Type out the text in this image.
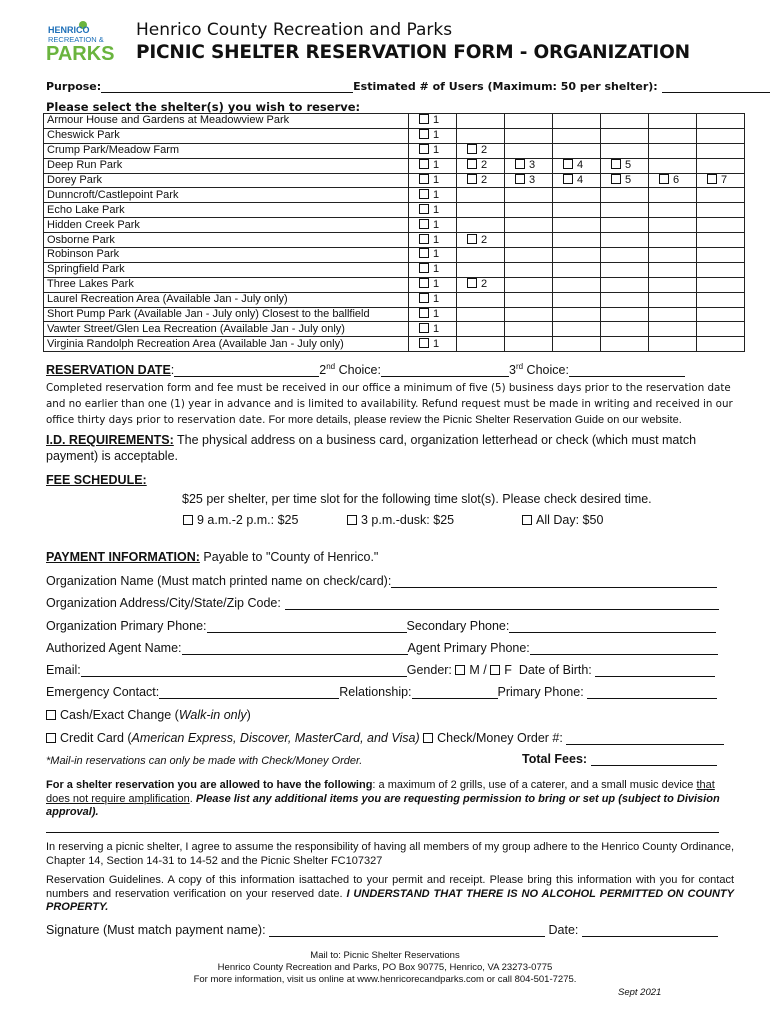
HENRICO
RECREATION &
PARKS
Henrico County Recreation and Parks
PICNIC SHELTER RESERVATION FORM - ORGANIZATION
Purpose:	Estimated # of Users (Maximum: 50 per shelter):
Please select the shelter(s) you wish to reserve:
Armour House and Gardens at Meadowview Park	1						
Cheswick Park	1						
Crump Park/Meadow Farm	1	2					
Deep Run Park	1	2	3	4	5		
Dorey Park	1	2	3	4	5	6	7
Dunncroft/Castlepoint Park	1						
Echo Lake Park	1						
Hidden Creek Park	1						
Osborne Park	1	2					
Robinson Park	1						
Springfield Park	1						
Three Lakes Park	1	2					
Laurel Recreation Area (Available Jan - July only)	1						
Short Pump Park (Available Jan - July only) Closest to the ballfield	1						
Vawter Street/Glen Lea Recreation (Available Jan - July only)	1						
Virginia Randolph Recreation Area (Available Jan - July only)	1						
RESERVATION DATE:	2nd Choice:	3rd Choice:
Completed reservation form and fee must be received in our office a minimum of five (5) business days prior to the reservation date and no earlier than one (1) year in advance and is limited to availability. Refund request must be made in writing and received in our office thirty days prior to reservation date. For more details, please review the Picnic Shelter Reservation Guide on our website.
I.D. REQUIREMENTS: The physical address on a business card, organization letterhead or check (which must match payment) is acceptable.
FEE SCHEDULE:
$25 per shelter, per time slot for the following time slot(s). Please check desired time.
9 a.m.-2 p.m.: $25	3 p.m.-dusk: $25	All Day: $50
PAYMENT INFORMATION: Payable to "County of Henrico."
Organization Name (Must match printed name on check/card):
Organization Address/City/State/Zip Code:
Organization Primary Phone:	Secondary Phone:
Authorized Agent Name:	Agent Primary Phone:
Email:	Gender: M / F Date of Birth:
Emergency Contact:	Relationship:	Primary Phone:
Cash/Exact Change (Walk-in only)
Credit Card (American Express, Discover, MasterCard, and Visa) Check/Money Order #:
*Mail-in reservations can only be made with Check/Money Order.	Total Fees:
For a shelter reservation you are allowed to have the following: a maximum of 2 grills, use of a caterer, and a small music device that does not require amplification. Please list any additional items you are requesting permission to bring or set up (subject to Division approval).
In reserving a picnic shelter, I agree to assume the responsibility of having all members of my group adhere to the Henrico County Ordinance, Chapter 14, Section 14-31 to 14-52 and the Picnic Shelter FC107327
Reservation Guidelines. A copy of this information isattached to your permit and receipt. Please bring this information with you for contact numbers and reservation verification on your reserved date. I UNDERSTAND THAT THERE IS NO ALCOHOL PERMITTED ON COUNTY PROPERTY.
Signature (Must match payment name):	Date:
Mail to: Picnic Shelter Reservations
Henrico County Recreation and Parks, PO Box 90775, Henrico, VA 23273-0775
For more information, visit us online at www.henricorecandparks.com or call 804-501-7275.
Sept 2021
